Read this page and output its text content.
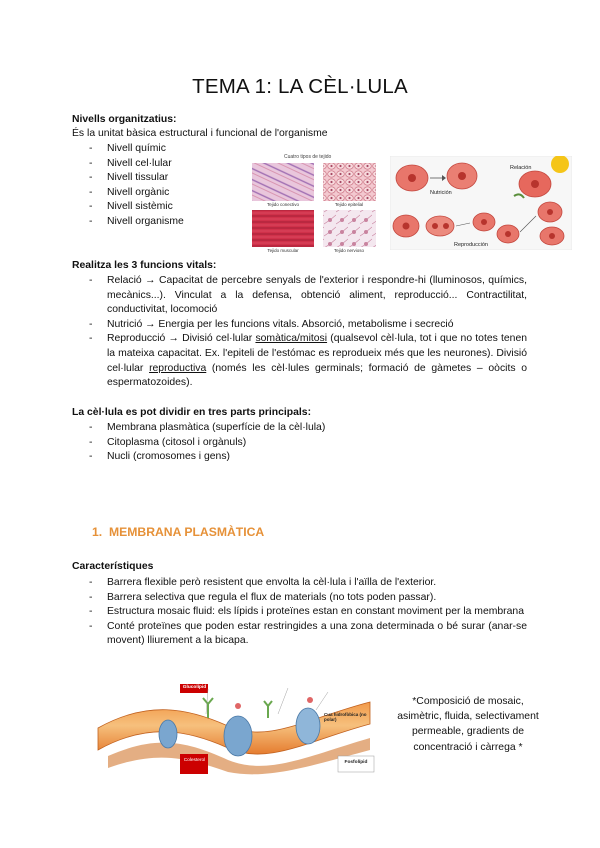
TEMA 1: LA CÈL·LULA
Nivells organitzatius:
És la unitat bàsica estructural i funcional de l'organisme
- Nivell químic
- Nivell cel·lular
- Nivell tissular
- Nivell orgànic
- Nivell sistèmic
- Nivell organisme
Cuatro tipos de tejido
Tejido conectivo	Tejido epitelial
Tejido muscular	Tejido nervioso
Nutrición
Relación
Reproducción
Realitza les 3 funcions vitals:
- Relació → Capacitat de percebre senyals de l'exterior i respondre-hi (lluminosos, químics, mecànics...). Vinculat a la defensa, obtenció aliment, reproducció... Contractilitat, conductivitat, locomoció
- Nutrició → Energia per les funcions vitals. Absorció, metabolisme i secreció
- Reproducció → Divisió cel·lular somàtica/mitosi (qualsevol cèl·lula, tot i que no totes tenen la mateixa capacitat. Ex. l'epiteli de l'estómac es reprodueix més que les neurones). Divisió cel·lular reproductiva (només les cèl·lules germinals; formació de gàmetes – oòcits o espermatozoides).
La cèl·lula es pot dividir en tres parts principals:
- Membrana plasmàtica (superfície de la cèl·lula)
- Citoplasma (citosol i orgànuls)
- Nucli (cromosomes i gens)
1. MEMBRANA PLASMÀTICA
Característiques
- Barrera flexible però resistent que envolta la cèl·lula i l'aïlla de l'exterior.
- Barrera selectiva que regula el flux de materials (no tots poden passar).
- Estructura mosaic fluid: els lípids i proteïnes estan en constant moviment per la membrana
- Conté proteïnes que poden estar restringides a una zona determinada o bé surar (anar-se movent) lliurement a la bicapa.
Glucolípid
Colesterol	Fosfolípid
Cua hidrofòbica (no polar)
*Composició de mosaic, asimètric, fluida, selectivament permeable, gradients de concentració i càrrega *
